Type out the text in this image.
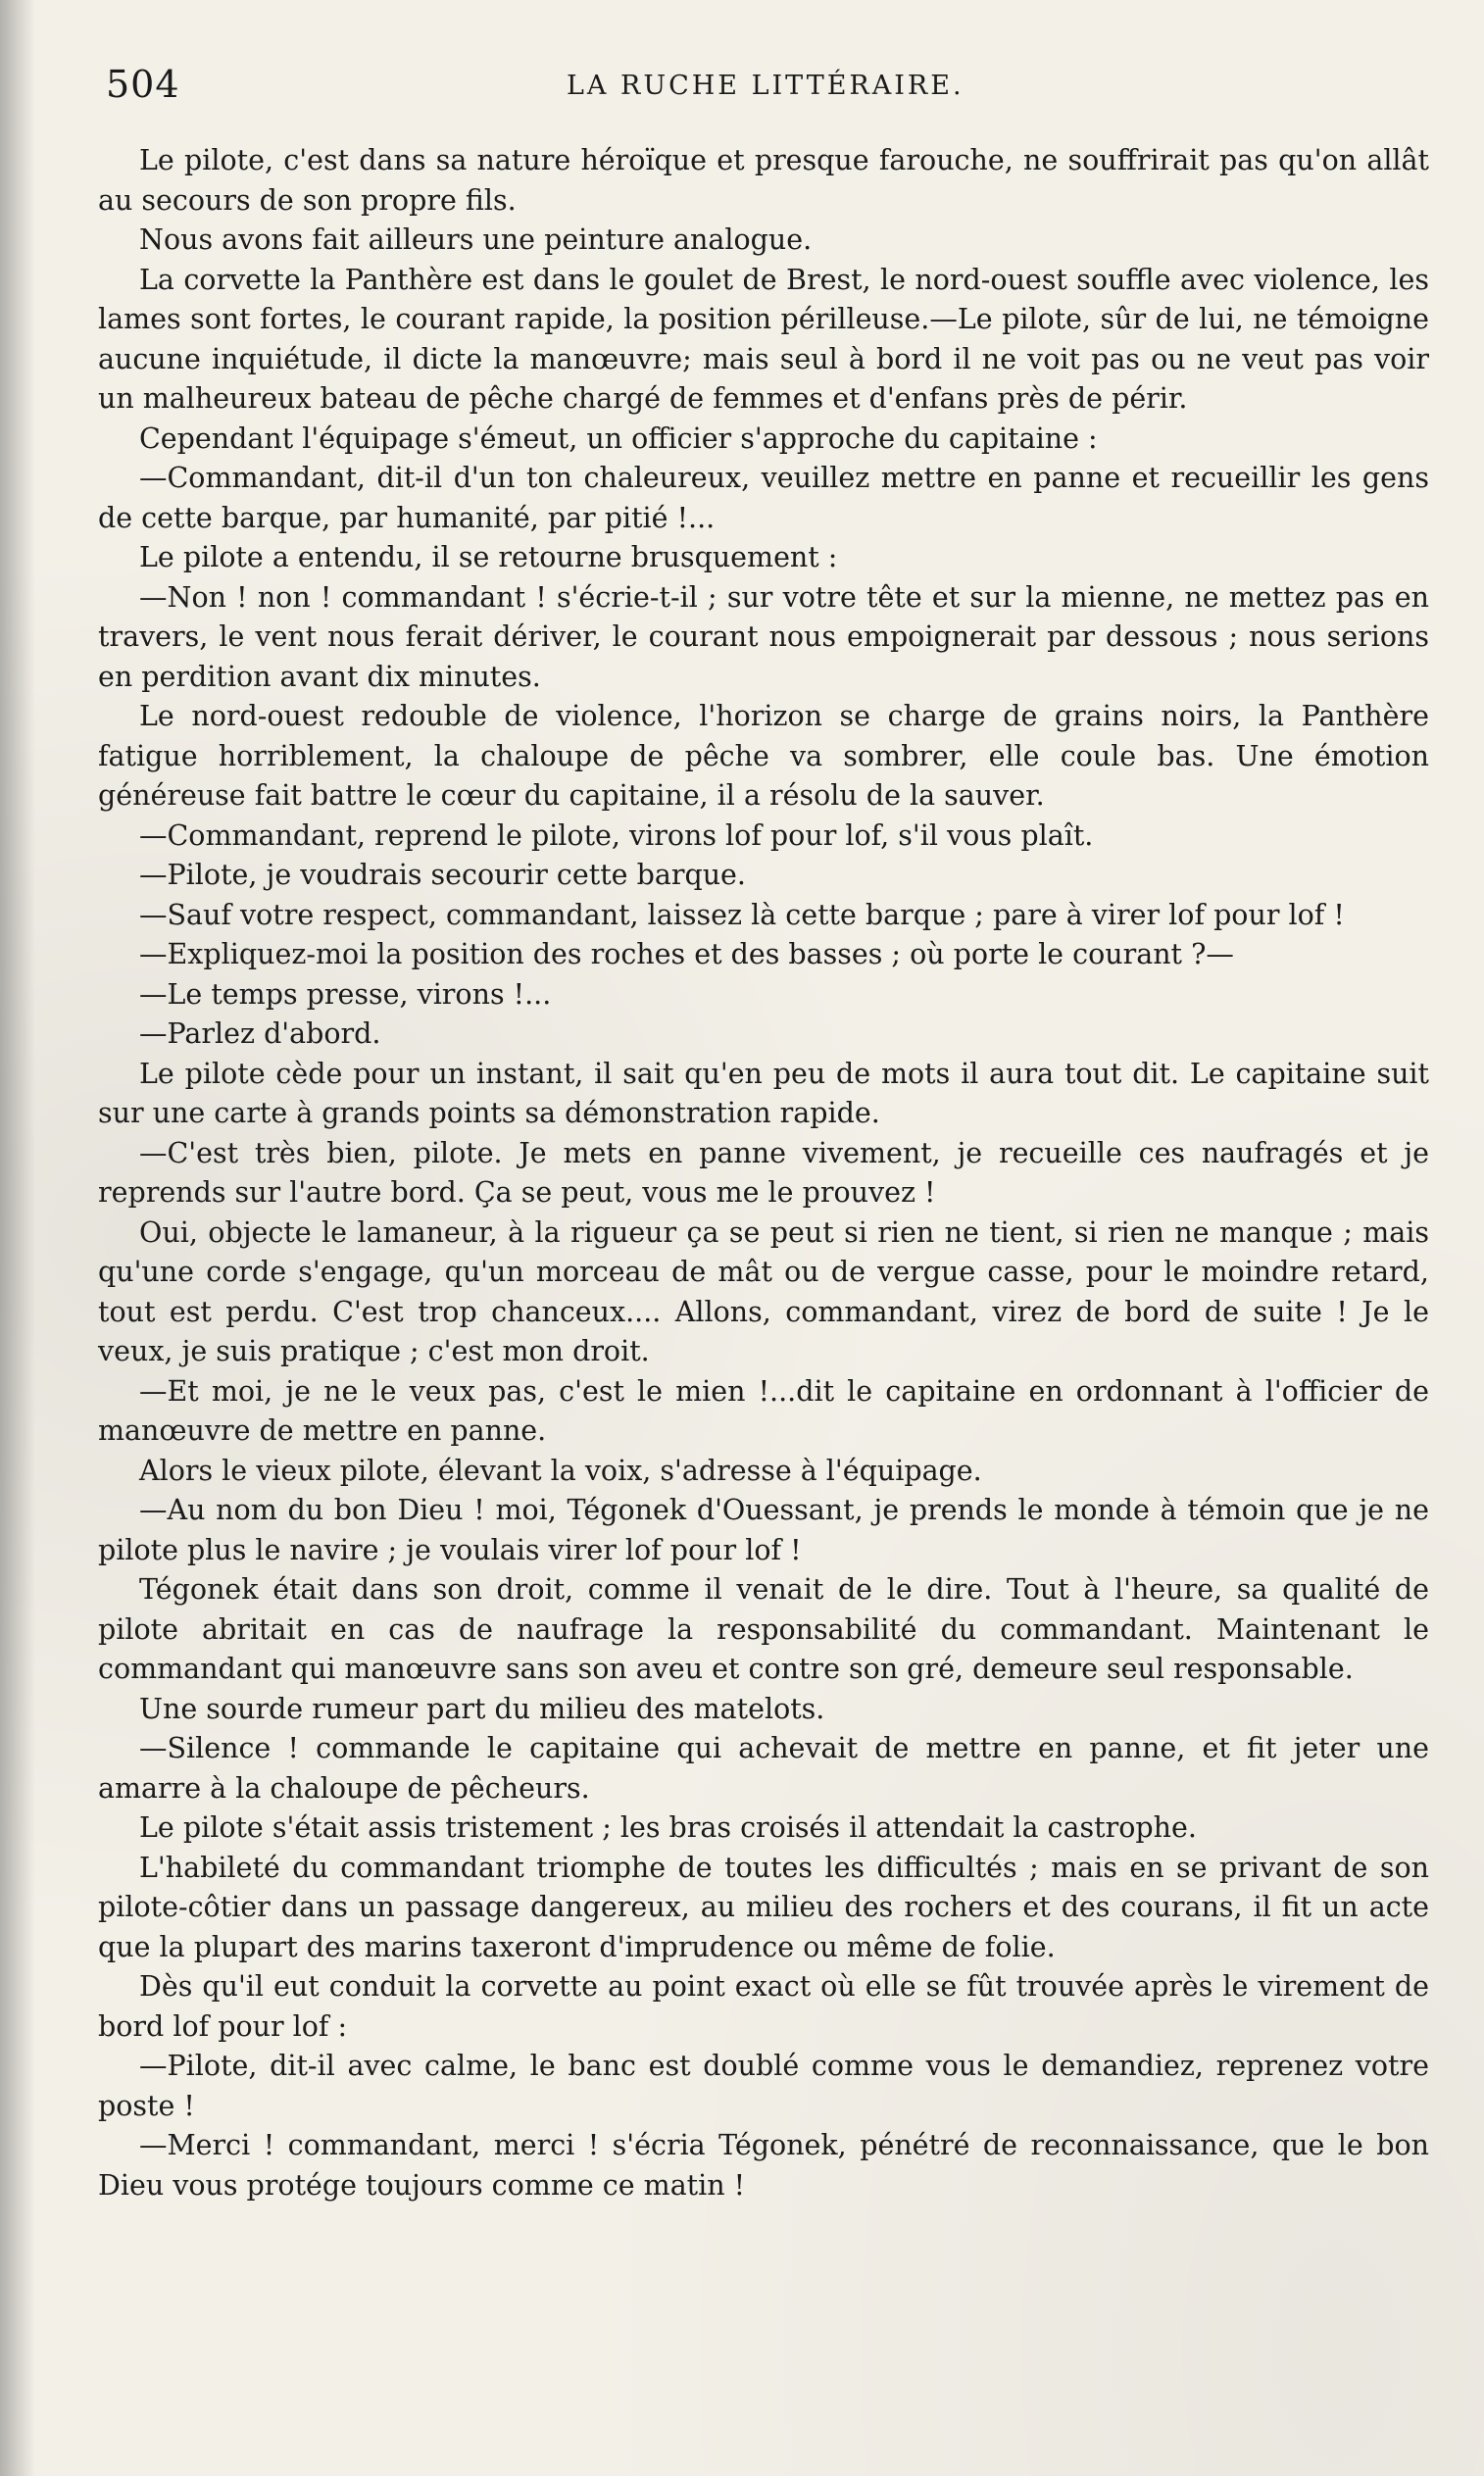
504	LA RUCHE LITTÉRAIRE.

Le pilote, c'est dans sa nature héroïque et presque farouche, ne souffrirait pas qu'on allât au secours de son propre fils.

Nous avons fait ailleurs une peinture analogue.

La corvette la Panthère est dans le goulet de Brest, le nord-ouest souffle avec violence, les lames sont fortes, le courant rapide, la position périlleuse.—Le pilote, sûr de lui, ne témoigne aucune inquiétude, il dicte la manœuvre; mais seul à bord il ne voit pas ou ne veut pas voir un malheureux bateau de pêche chargé de femmes et d'enfans près de périr.

Cependant l'équipage s'émeut, un officier s'approche du capitaine :

—Commandant, dit-il d'un ton chaleureux, veuillez mettre en panne et recueillir les gens de cette barque, par humanité, par pitié !...

Le pilote a entendu, il se retourne brusquement :

—Non ! non ! commandant ! s'écrie-t-il ; sur votre tête et sur la mienne, ne mettez pas en travers, le vent nous ferait dériver, le courant nous empoignerait par dessous ; nous serions en perdition avant dix minutes.

Le nord-ouest redouble de violence, l'horizon se charge de grains noirs, la Panthère fatigue horriblement, la chaloupe de pêche va sombrer, elle coule bas. Une émotion généreuse fait battre le cœur du capitaine, il a résolu de la sauver.

—Commandant, reprend le pilote, virons lof pour lof, s'il vous plaît.

—Pilote, je voudrais secourir cette barque.

—Sauf votre respect, commandant, laissez là cette barque ; pare à virer lof pour lof !

—Expliquez-moi la position des roches et des basses ; où porte le courant ?—

—Le temps presse, virons !...

—Parlez d'abord.

Le pilote cède pour un instant, il sait qu'en peu de mots il aura tout dit. Le capitaine suit sur une carte à grands points sa démonstration rapide.

—C'est très bien, pilote. Je mets en panne vivement, je recueille ces naufragés et je reprends sur l'autre bord. Ça se peut, vous me le prouvez !

Oui, objecte le lamaneur, à la rigueur ça se peut si rien ne tient, si rien ne manque ; mais qu'une corde s'engage, qu'un morceau de mât ou de vergue casse, pour le moindre retard, tout est perdu. C'est trop chanceux.... Allons, commandant, virez de bord de suite ! Je le veux, je suis pratique ; c'est mon droit.

—Et moi, je ne le veux pas, c'est le mien !...dit le capitaine en ordonnant à l'officier de manœuvre de mettre en panne.

Alors le vieux pilote, élevant la voix, s'adresse à l'équipage.

—Au nom du bon Dieu ! moi, Tégonek d'Ouessant, je prends le monde à témoin que je ne pilote plus le navire ; je voulais virer lof pour lof !

Tégonek était dans son droit, comme il venait de le dire. Tout à l'heure, sa qualité de pilote abritait en cas de naufrage la responsabilité du commandant. Maintenant le commandant qui manœuvre sans son aveu et contre son gré, demeure seul responsable.

Une sourde rumeur part du milieu des matelots.

—Silence ! commande le capitaine qui achevait de mettre en panne, et fit jeter une amarre à la chaloupe de pêcheurs.

Le pilote s'était assis tristement ; les bras croisés il attendait la castrophe.

L'habileté du commandant triomphe de toutes les difficultés ; mais en se privant de son pilote-côtier dans un passage dangereux, au milieu des rochers et des courans, il fit un acte que la plupart des marins taxeront d'imprudence ou même de folie.

Dès qu'il eut conduit la corvette au point exact où elle se fût trouvée après le virement de bord lof pour lof :

—Pilote, dit-il avec calme, le banc est doublé comme vous le demandiez, reprenez votre poste !

—Merci ! commandant, merci ! s'écria Tégonek, pénétré de reconnaissance, que le bon Dieu vous protége toujours comme ce matin !
